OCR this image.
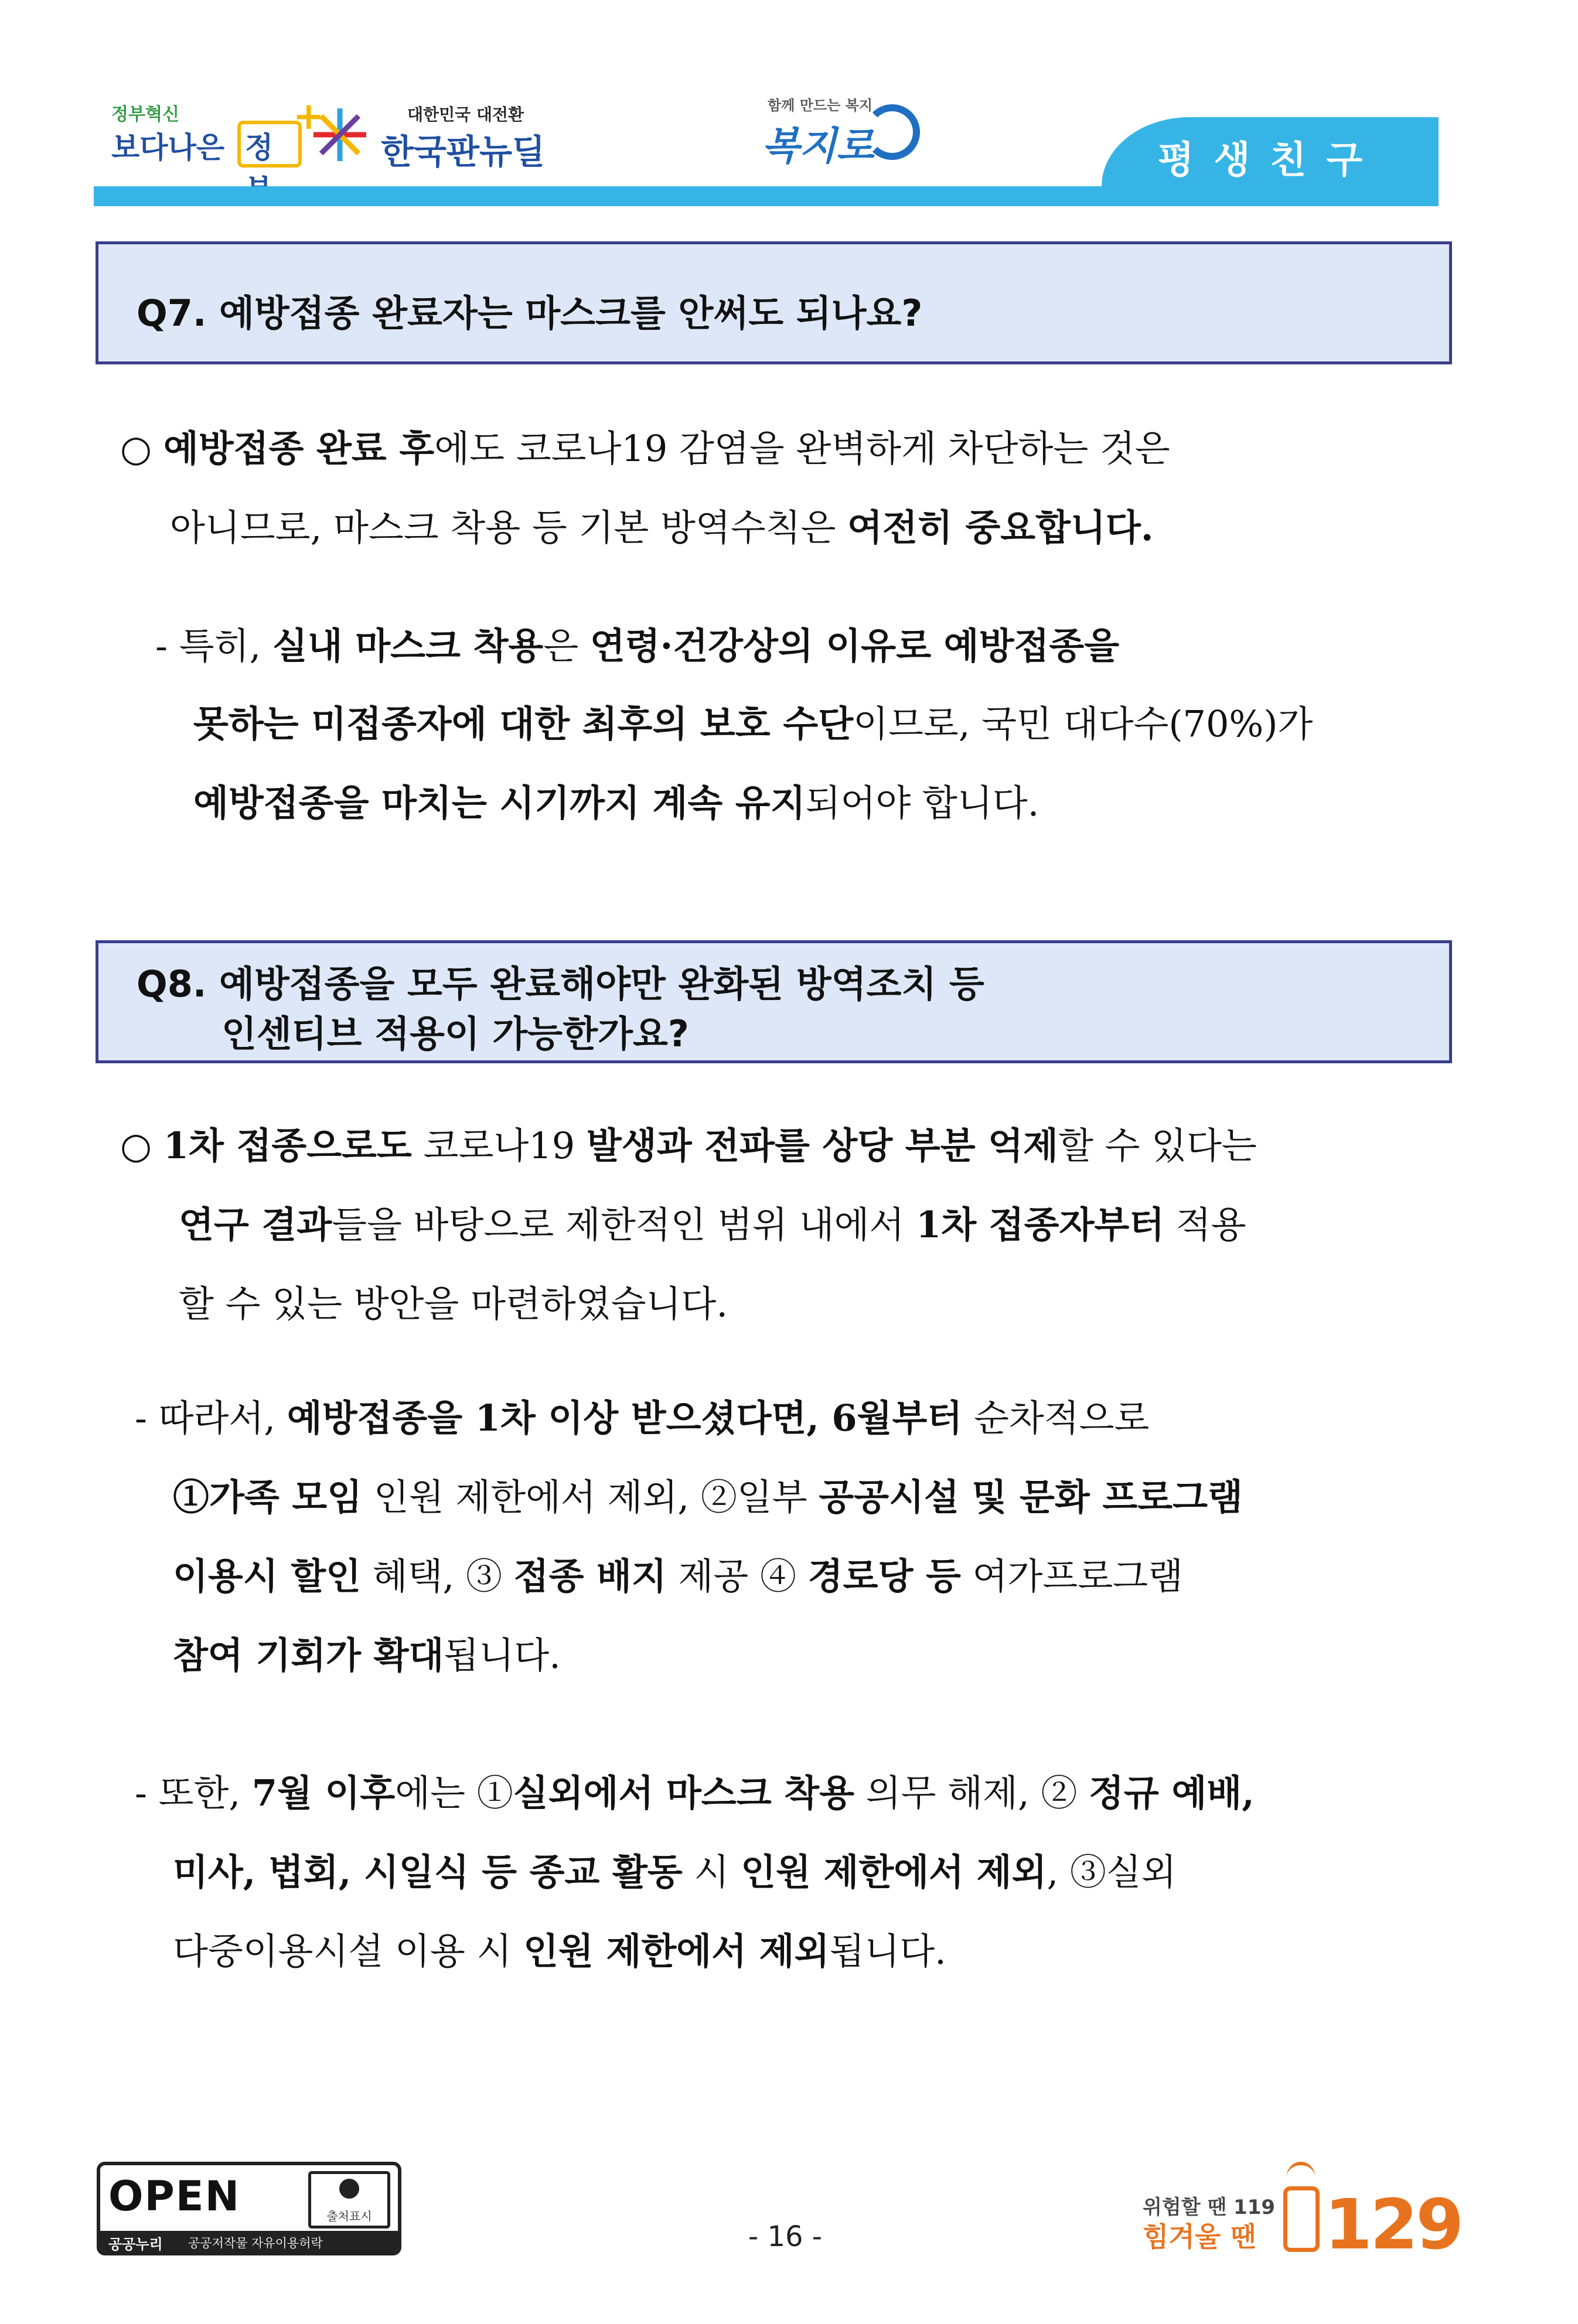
정부혁신
보다나은 정
+	대한민국 대전환
한국판뉴딜
함께 만드는 복지
복지로	평생친구
Q7. 예방접종 완료자는 마스크를 안써도 되나요?
○ 예방접종 완료 후에도 코로나19 감염을 완벽하게 차단하는 것은
아니므로, 마스크 착용 등 기본 방역수칙은 여전히 중요합니다.
- 특히, 실내 마스크 착용은 연령·건강상의 이유로 예방접종을
못하는 미접종자에 대한 최후의 보호 수단이므로, 국민 대다수(70%)가
예방접종을 마치는 시기까지 계속 유지되어야 합니다.
Q8. 예방접종을 모두 완료해야만 완화된 방역조치 등
인센티브 적용이 가능한가요?
○ 1차 접종으로도 코로나19 발생과 전파를 상당 부분 억제할 수 있다는
연구 결과들을 바탕으로 제한적인 범위 내에서 1차 접종자부터 적용
할 수 있는 방안을 마련하였습니다.
- 따라서, 예방접종을 1차 이상 받으셨다면, 6월부터 순차적으로
①가족 모임 인원 제한에서 제외, ②일부 공공시설 및 문화 프로그램
이용시 할인 혜택, ③ 접종 배지 제공 ④ 경로당 등 여가프로그램
참여 기회가 확대됩니다.
- 또한, 7월 이후에는 ①실외에서 마스크 착용 의무 해제, ② 정규 예배,
미사, 법회, 시일식 등 종교 활동 시 인원 제한에서 제외, ③실외
다중이용시설 이용 시 인원 제한에서 제외됩니다.
OPEN	출처표시
공공누리 공공저작물 자유이용허락	- 16 -
위험할 땐 119
힘겨울 땐 129
